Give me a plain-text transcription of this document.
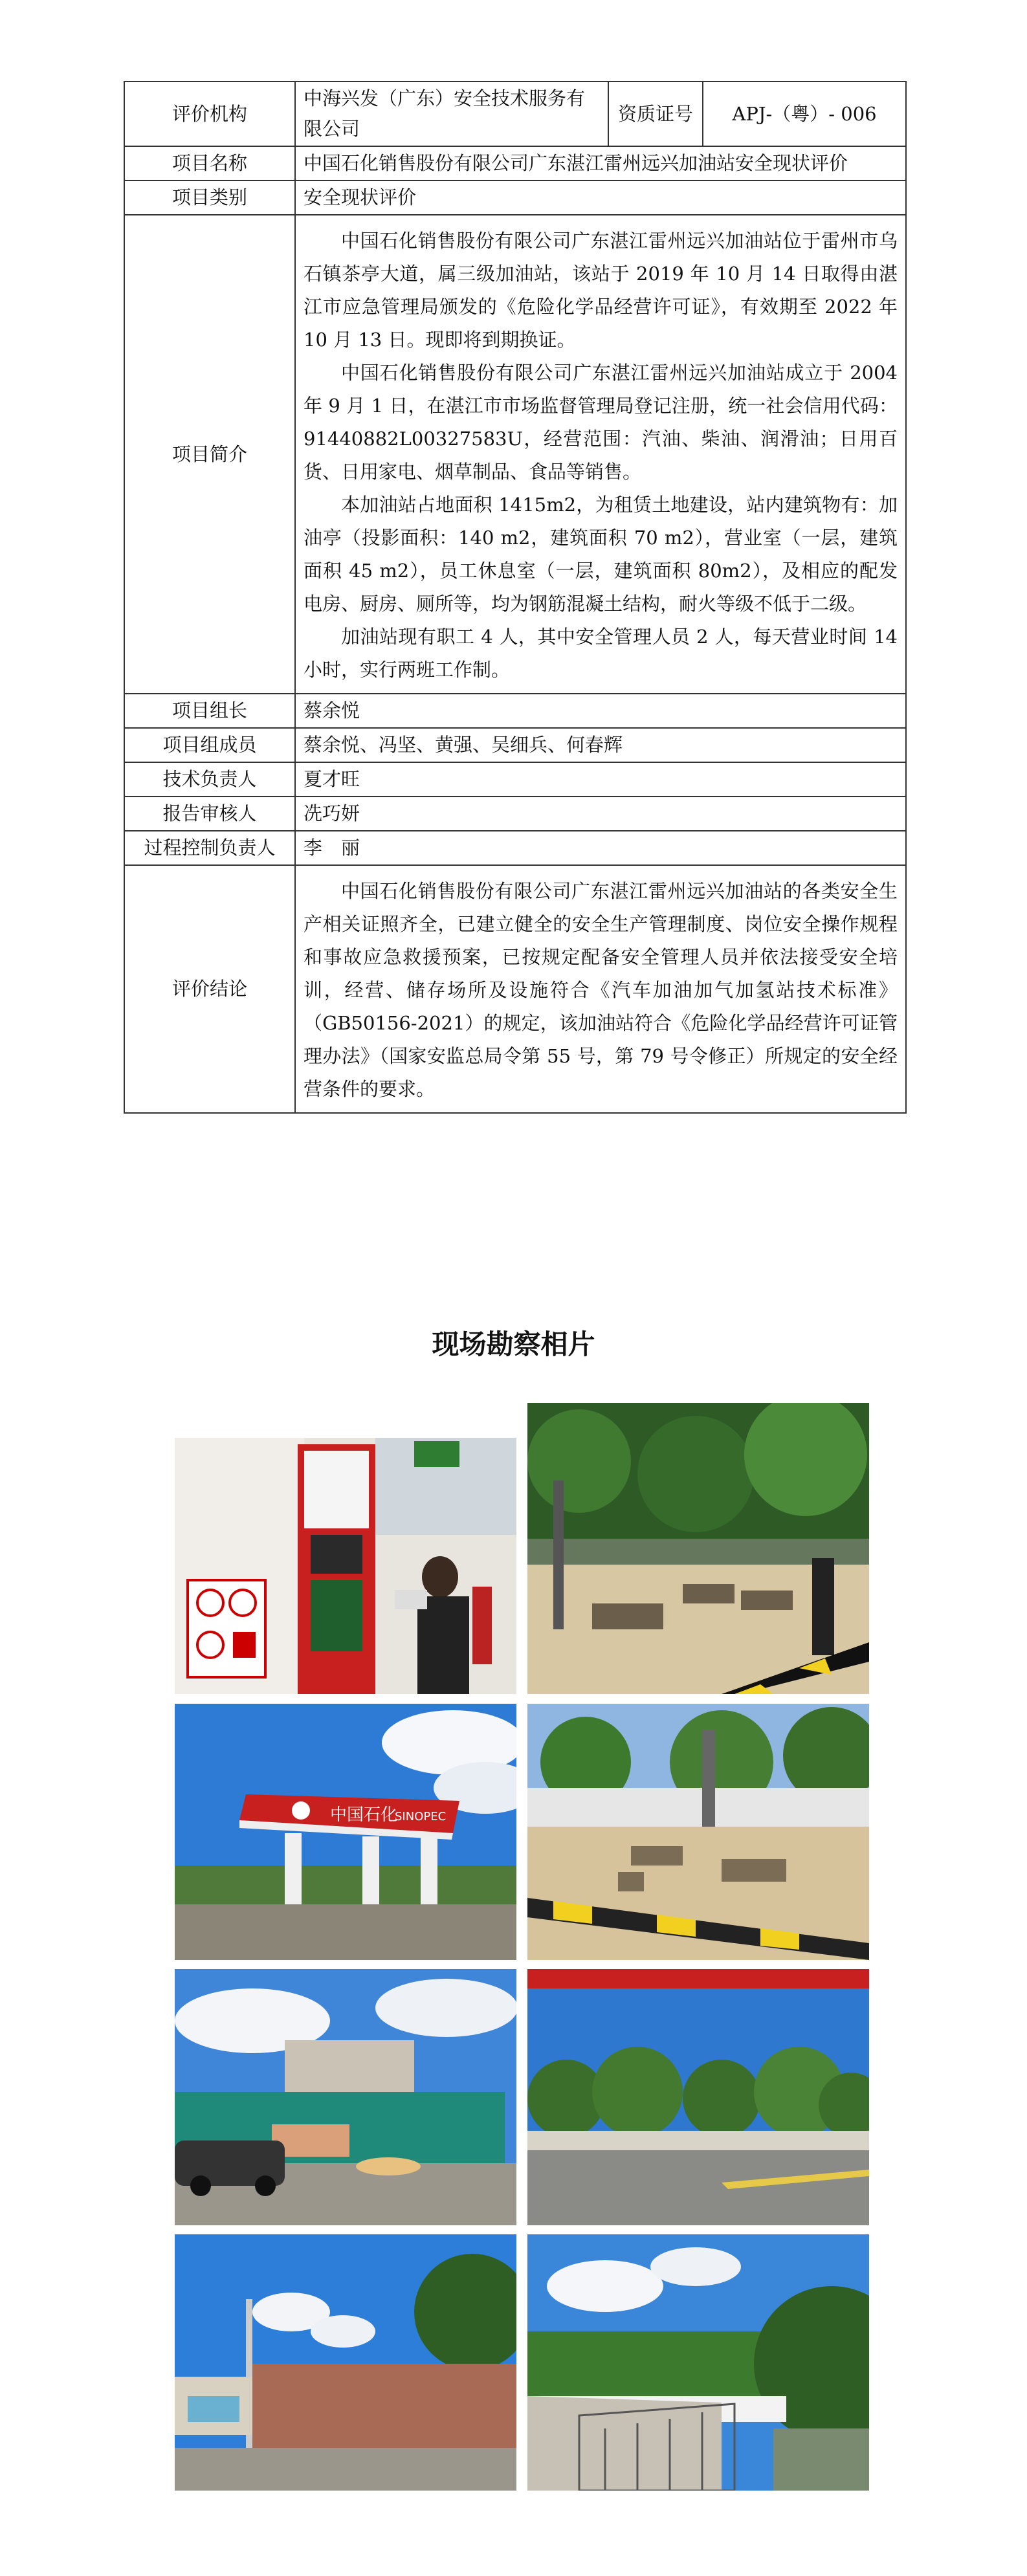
评价机构	中海兴发（广东）安全技术服务有限公司	资质证号	APJ-（粤）- 006
项目名称	中国石化销售股份有限公司广东湛江雷州远兴加油站安全现状评价		
项目类别	安全现状评价		
项目简介	中国石化销售股份有限公司广东湛江雷州远兴加油站位于雷州市乌石镇茶亭大道，属三级加油站，该站于 2019 年 10 月 14 日取得由湛江市应急管理局颁发的《危险化学品经营许可证》，有效期至 2022 年 10 月 13 日。现即将到期换证。

中国石化销售股份有限公司广东湛江雷州远兴加油站成立于 2004 年 9 月 1 日，在湛江市市场监督管理局登记注册，统一社会信用代码：91440882L00327583U，经营范围：汽油、柴油、润滑油；日用百货、日用家电、烟草制品、食品等销售。

本加油站占地面积 1415m2，为租赁土地建设，站内建筑物有：加油亭（投影面积：140 m2，建筑面积 70 m2），营业室（一层，建筑面积 45 m2），员工休息室（一层，建筑面积 80m2），及相应的配发电房、厨房、厕所等，均为钢筋混凝土结构，耐火等级不低于二级。

加油站现有职工 4 人，其中安全管理人员 2 人，每天营业时间 14 小时，实行两班工作制。		

项目组长	蔡余悦		
项目组成员	蔡余悦、冯坚、黄强、吴细兵、何春辉		
技术负责人	夏才旺		
报告审核人	冼巧妍		
过程控制负责人	李　丽		
评价结论	中国石化销售股份有限公司广东湛江雷州远兴加油站的各类安全生产相关证照齐全，已建立健全的安全生产管理制度、岗位安全操作规程和事故应急救援预案，已按规定配备安全管理人员并依法接受安全培训，经营、储存场所及设施符合《汽车加油加气加氢站技术标准》（GB50156-2021）的规定，该加油站符合《危险化学品经营许可证管理办法》（国家安监总局令第 55 号，第 79 号令修正）所规定的安全经营条件的要求。		

现场勘察相片
中国石化
SINOPEC
